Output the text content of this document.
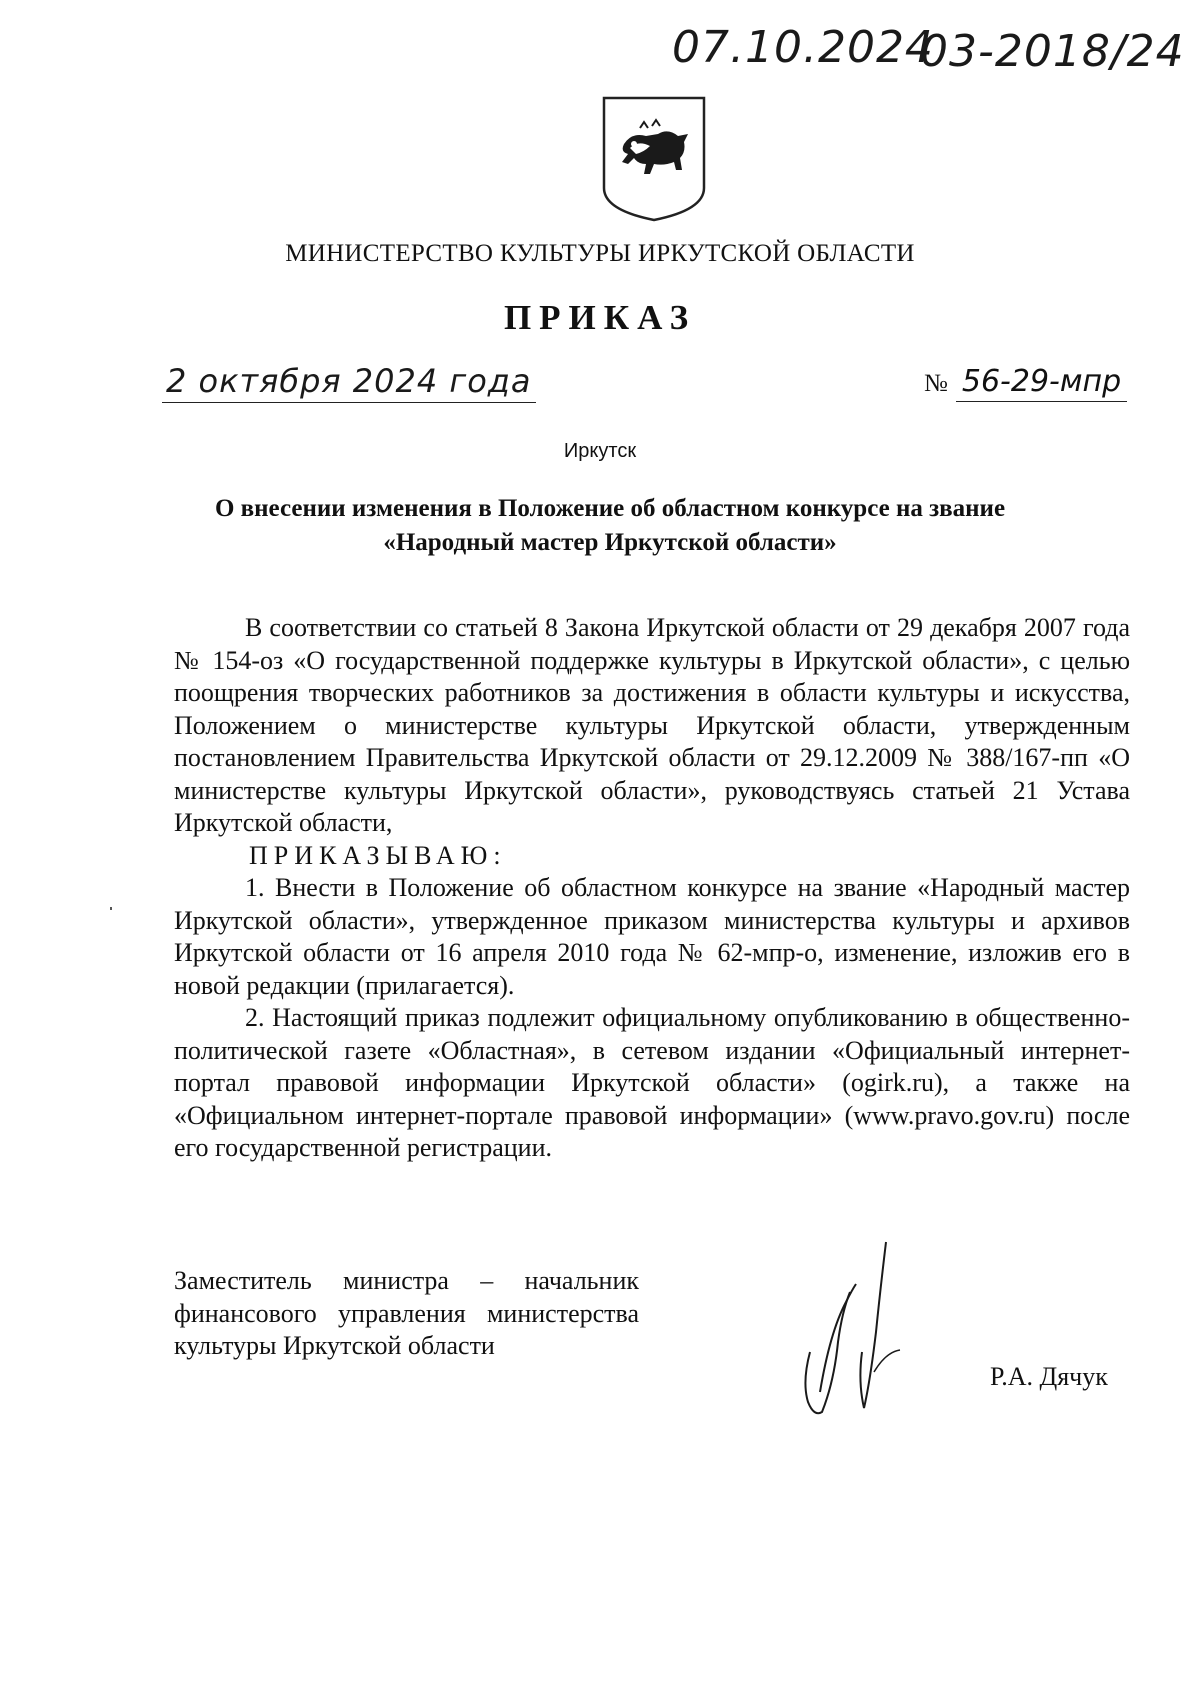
07.10.2024
03-2018/24
МИНИСТЕРСТВО КУЛЬТУРЫ ИРКУТСКОЙ ОБЛАСТИ
ПРИКАЗ
2 октября 2024 года	№ 56-29-мпр
Иркутск
О внесении изменения в Положение об областном конкурсе на звание
«Народный мастер Иркутской области»

В соответствии со статьей 8 Закона Иркутской области от 29 декабря 2007 года № 154-оз «О государственной поддержке культуры в Иркутской области», с целью поощрения творческих работников за достижения в области культуры и искусства, Положением о министерстве культуры Иркутской области, утвержденным постановлением Правительства Иркутской области от 29.12.2009 № 388/167-пп «О министерстве культуры Иркутской области», руководствуясь статьей 21 Устава Иркутской области,

ПРИКАЗЫВАЮ:

1. Внести в Положение об областном конкурсе на звание «Народный мастер Иркутской области», утвержденное приказом министерства культуры и архивов Иркутской области от 16 апреля 2010 года № 62-мпр-о, изменение, изложив его в новой редакции (прилагается).

2. Настоящий приказ подлежит официальному опубликованию в общественно-политической газете «Областная», в сетевом издании «Официальный интернет-портал правовой информации Иркутской области» (ogirk.ru), а также на «Официальном интернет-портале правовой информации» (www.pravo.gov.ru) после его государственной регистрации.

Заместитель министра – начальник финансового управления министерства культуры Иркутской области
Р.А. Дячук
